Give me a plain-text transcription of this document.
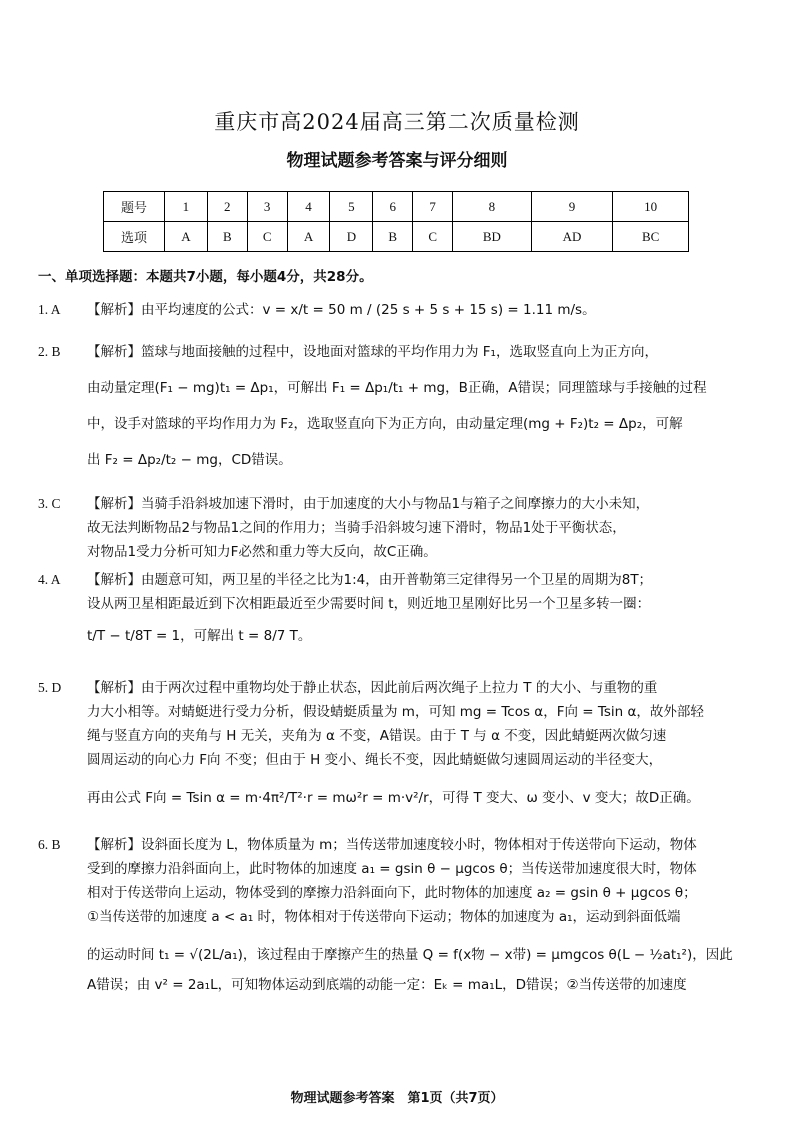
重庆市高2024届高三第二次质量检测
物理试题参考答案与评分细则
题号	1	2	3	4	5	6	7	8	9	10
选项	A	B	C	A	D	B	C	BD	AD	BC
一、单项选择题：本题共7小题，每小题4分，共28分。
1. A 【解析】由平均速度的公式：v = x/t = 50 m / (25 s + 5 s + 15 s) = 1.11 m/s。
2. B 【解析】篮球与地面接触的过程中，设地面对篮球的平均作用力为 F₁，选取竖直向上为正方向，
由动量定理(F₁ − mg)t₁ = Δp₁，可解出 F₁ = Δp₁/t₁ + mg，B正确，A错误；同理篮球与手接触的过程
中，设手对篮球的平均作用力为 F₂，选取竖直向下为正方向，由动量定理(mg + F₂)t₂ = Δp₂，可解
出 F₂ = Δp₂/t₂ − mg，CD错误。
3. C 【解析】当骑手沿斜坡加速下滑时，由于加速度的大小与物品1与箱子之间摩擦力的大小未知，
故无法判断物品2与物品1之间的作用力；当骑手沿斜坡匀速下滑时，物品1处于平衡状态，
对物品1受力分析可知力F必然和重力等大反向，故C正确。
4. A 【解析】由题意可知，两卫星的半径之比为1:4，由开普勒第三定律得另一个卫星的周期为8T；
设从两卫星相距最近到下次相距最近至少需要时间 t，则近地卫星刚好比另一个卫星多转一圈：
t/T − t/8T = 1，可解出 t = 8/7 T。
5. D 【解析】由于两次过程中重物均处于静止状态，因此前后两次绳子上拉力 T 的大小、与重物的重
力大小相等。对蜻蜓进行受力分析，假设蜻蜓质量为 m，可知 mg = Tcos α，F向 = Tsin α，故外部轻
绳与竖直方向的夹角与 H 无关，夹角为 α 不变，A错误。由于 T 与 α 不变，因此蜻蜓两次做匀速
圆周运动的向心力 F向 不变；但由于 H 变小、绳长不变，因此蜻蜓做匀速圆周运动的半径变大，
再由公式 F向 = Tsin α = m·4π²/T²·r = mω²r = m·v²/r，可得 T 变大、ω 变小、v 变大；故D正确。
6. B 【解析】设斜面长度为 L，物体质量为 m；当传送带加速度较小时，物体相对于传送带向下运动，物体
受到的摩擦力沿斜面向上，此时物体的加速度 a₁ = gsin θ − μgcos θ；当传送带加速度很大时，物体
相对于传送带向上运动，物体受到的摩擦力沿斜面向下，此时物体的加速度 a₂ = gsin θ + μgcos θ；
①当传送带的加速度 a < a₁ 时，物体相对于传送带向下运动；物体的加速度为 a₁，运动到斜面低端
的运动时间 t₁ = √(2L/a₁)，该过程由于摩擦产生的热量 Q = f(x物 − x带) = μmgcos θ(L − ½at₁²)，因此
A错误；由 v² = 2a₁L，可知物体运动到底端的动能一定：Eₖ = ma₁L，D错误；②当传送带的加速度
物理试题参考答案　第1页（共7页）
